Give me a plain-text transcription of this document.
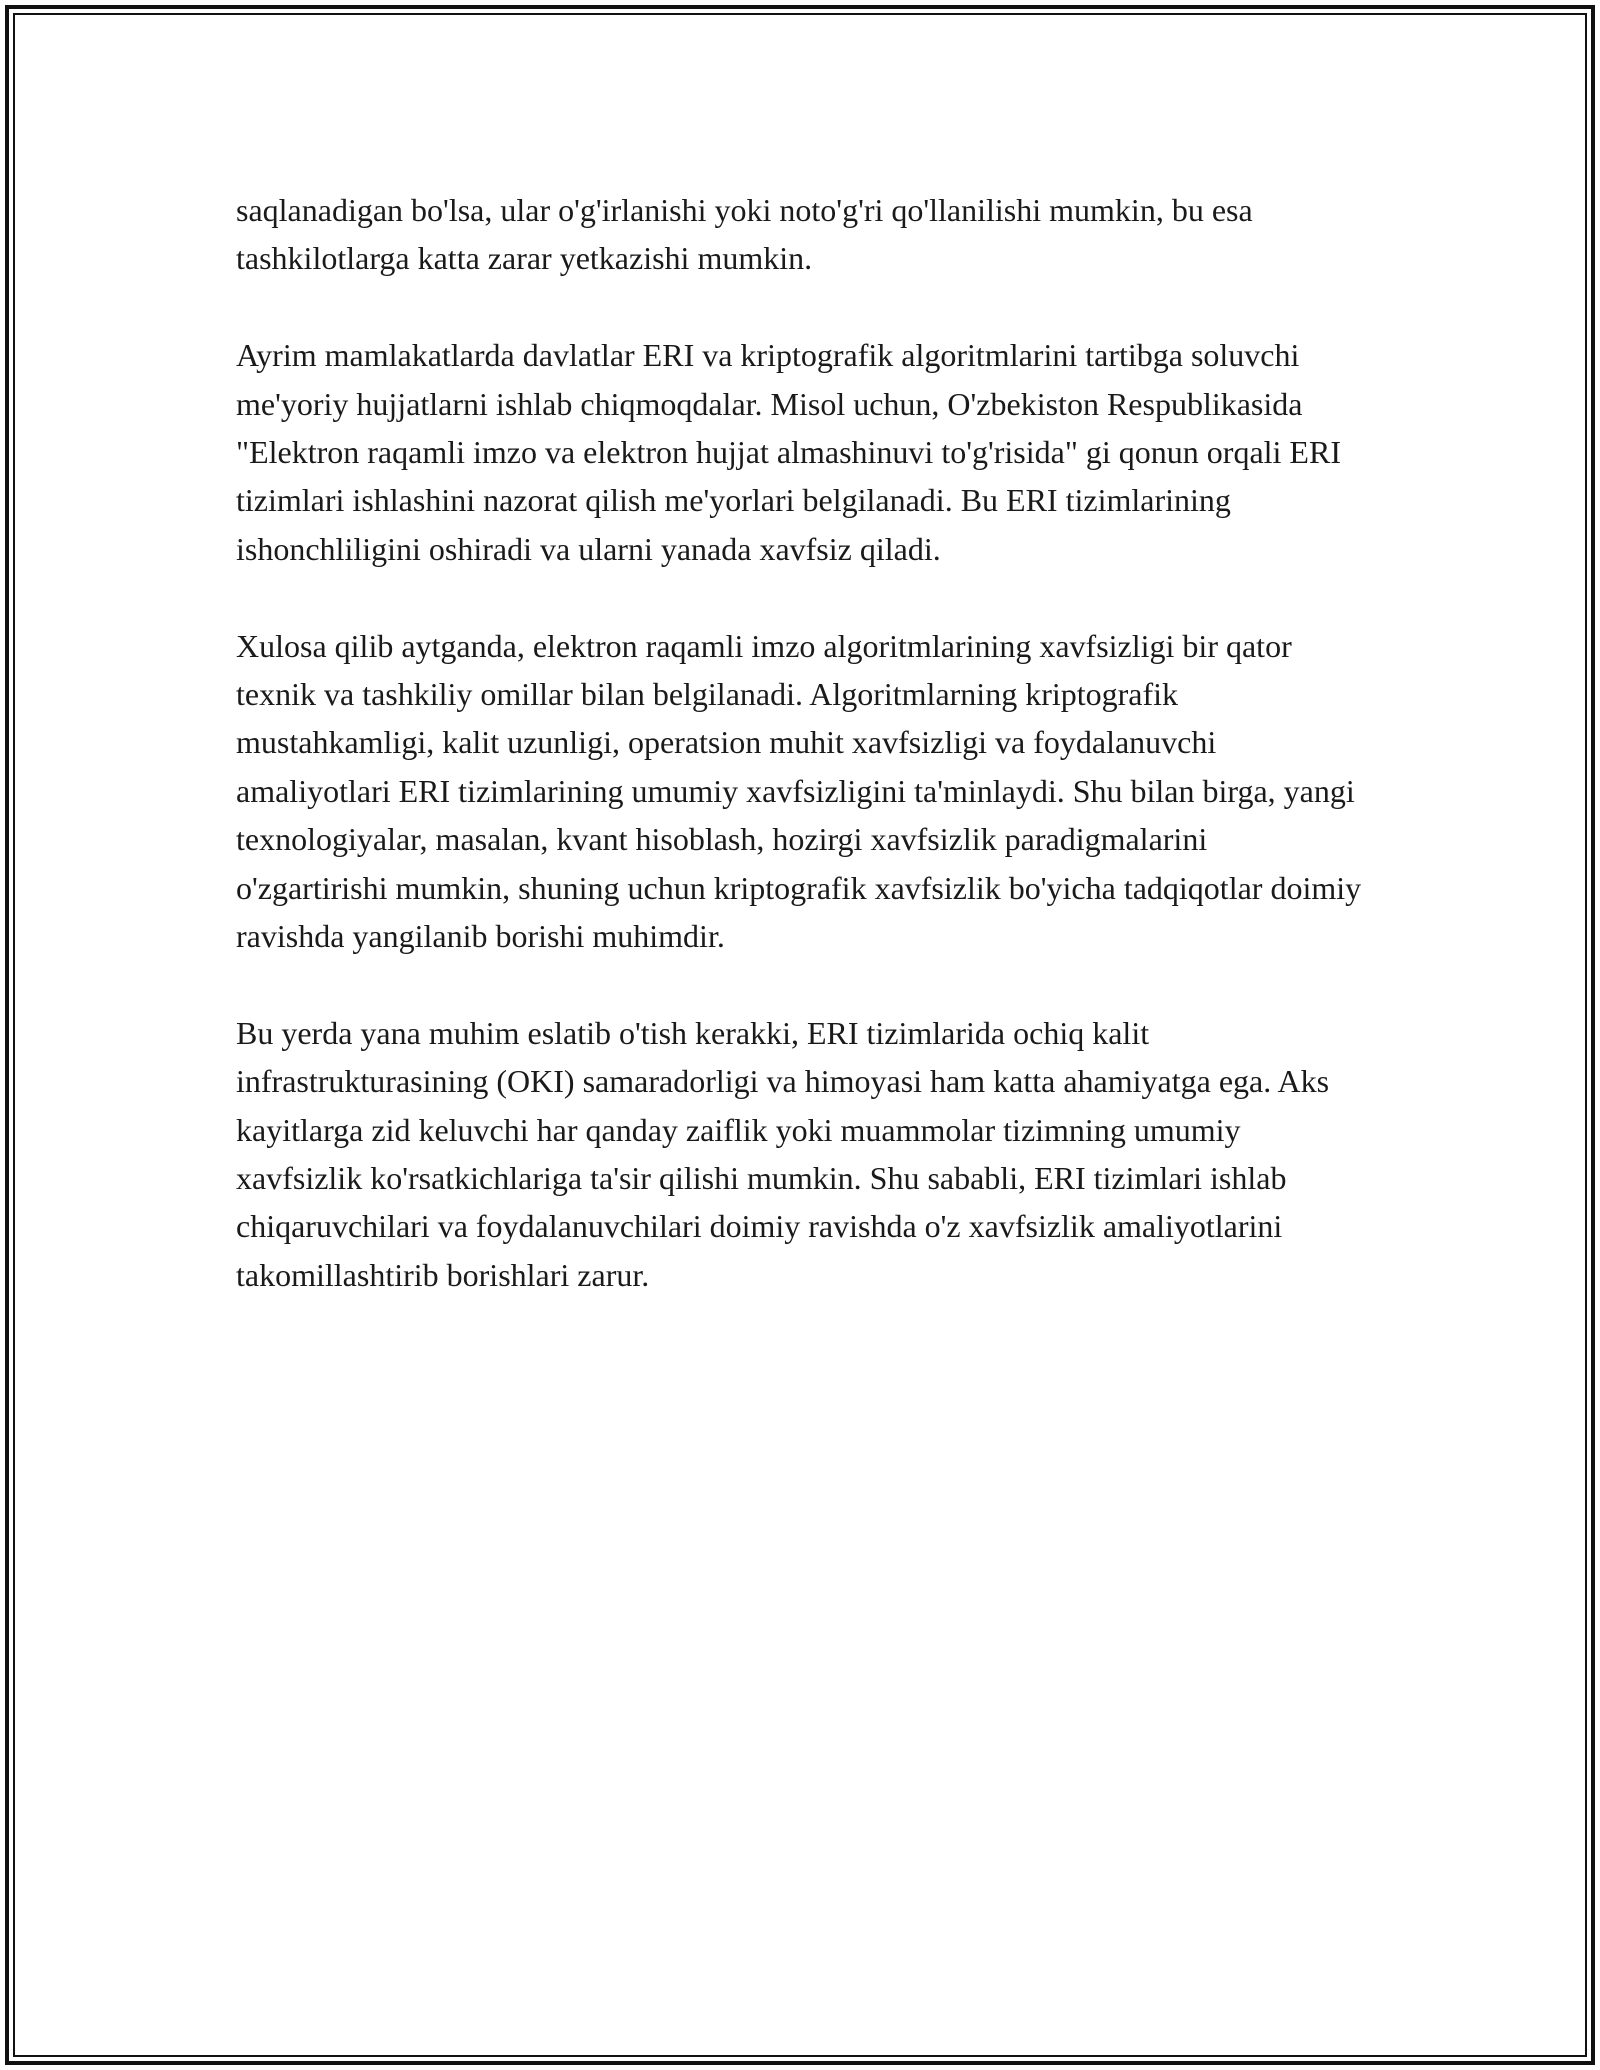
saqlanadigan bo'lsa, ular o'g'irlanishi yoki noto'g'ri qo'llanilishi mumkin, bu esa tashkilotlarga katta zarar yetkazishi mumkin.

Ayrim mamlakatlarda davlatlar ERI va kriptografik algoritmlarini tartibga soluvchi me'yoriy hujjatlarni ishlab chiqmoqdalar. Misol uchun, O'zbekiston Respublikasida "Elektron raqamli imzo va elektron hujjat almashinuvi to'g'risida" gi qonun orqali ERI tizimlari ishlashini nazorat qilish me'yorlari belgilanadi. Bu ERI tizimlarining ishonchliligini oshiradi va ularni yanada xavfsiz qiladi.

Xulosa qilib aytganda, elektron raqamli imzo algoritmlarining xavfsizligi bir qator texnik va tashkiliy omillar bilan belgilanadi. Algoritmlarning kriptografik mustahkamligi, kalit uzunligi, operatsion muhit xavfsizligi va foydalanuvchi amaliyotlari ERI tizimlarining umumiy xavfsizligini ta'minlaydi. Shu bilan birga, yangi texnologiyalar, masalan, kvant hisoblash, hozirgi xavfsizlik paradigmalarini o'zgartirishi mumkin, shuning uchun kriptografik xavfsizlik bo'yicha tadqiqotlar doimiy ravishda yangilanib borishi muhimdir.

Bu yerda yana muhim eslatib o'tish kerakki, ERI tizimlarida ochiq kalit infrastrukturasining (OKI) samaradorligi va himoyasi ham katta ahamiyatga ega. Aks kayitlarga zid keluvchi har qanday zaiflik yoki muammolar tizimning umumiy xavfsizlik ko'rsatkichlariga ta'sir qilishi mumkin. Shu sababli, ERI tizimlari ishlab chiqaruvchilari va foydalanuvchilari doimiy ravishda o'z xavfsizlik amaliyotlarini takomillashtirib borishlari zarur.
